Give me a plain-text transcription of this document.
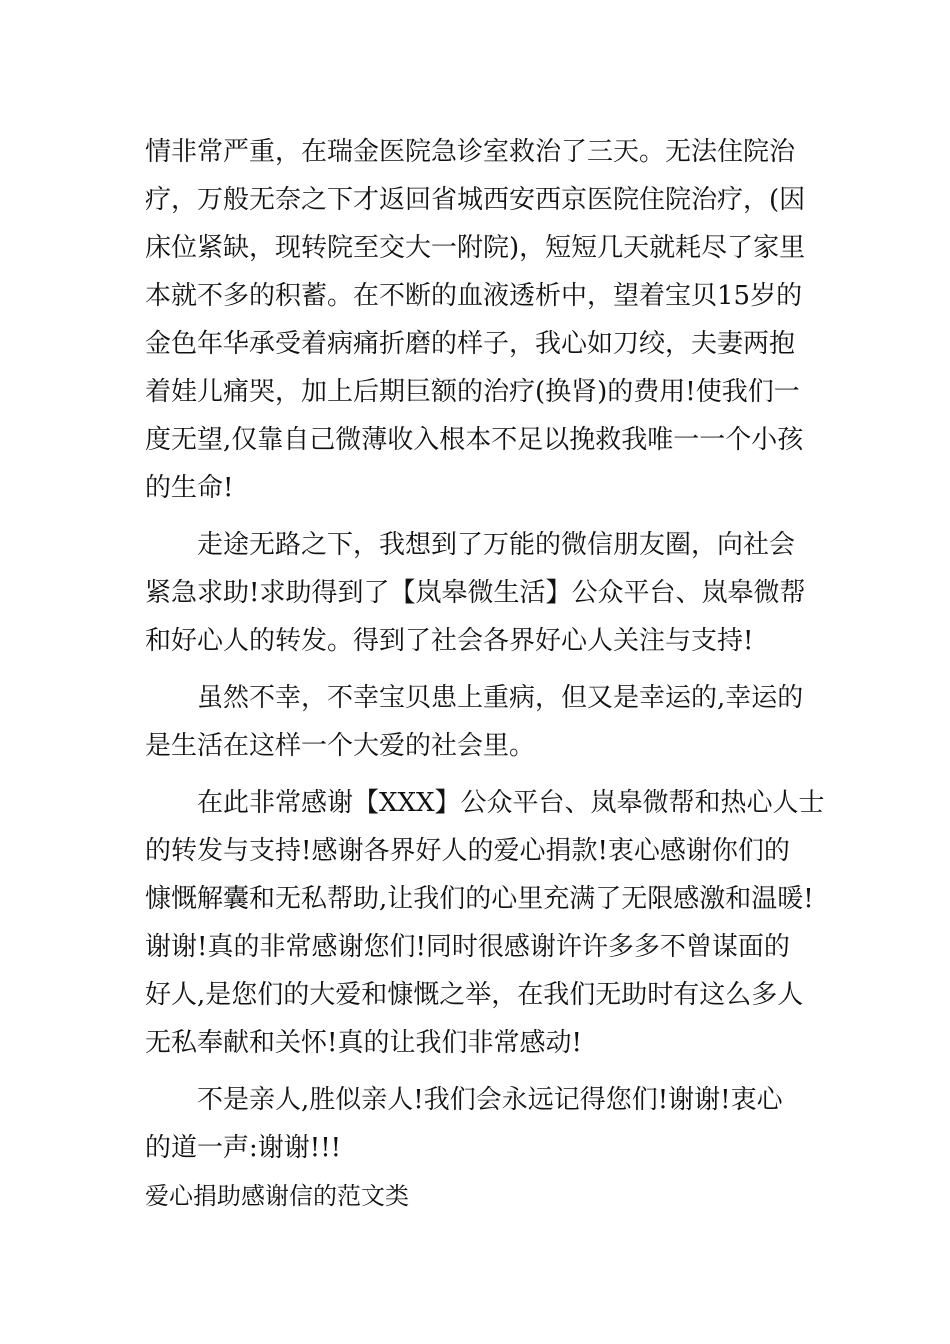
情非常严重，在瑞金医院急诊室救治了三天。无法住院治
疗，万般无奈之下才返回省城西安西京医院住院治疗，(因
床位紧缺，现转院至交大一附院)，短短几天就耗尽了家里
本就不多的积蓄。在不断的血液透析中，望着宝贝15岁的
金色年华承受着病痛折磨的样子，我心如刀绞，夫妻两抱
着娃儿痛哭，加上后期巨额的治疗(换肾)的费用!使我们一
度无望,仅靠自己微薄收入根本不足以挽救我唯一一个小孩
的生命!
走途无路之下，我想到了万能的微信朋友圈，向社会
紧急求助!求助得到了【岚皋微生活】公众平台、岚皋微帮
和好心人的转发。得到了社会各界好心人关注与支持!
虽然不幸，不幸宝贝患上重病，但又是幸运的,幸运的
是生活在这样一个大爱的社会里。
在此非常感谢【XXX】公众平台、岚皋微帮和热心人士
的转发与支持!感谢各界好人的爱心捐款!衷心感谢你们的
慷慨解囊和无私帮助,让我们的心里充满了无限感激和温暖!
谢谢!真的非常感谢您们!同时很感谢许许多多不曾谋面的
好人,是您们的大爱和慷慨之举，在我们无助时有这么多人
无私奉献和关怀!真的让我们非常感动!
不是亲人,胜似亲人!我们会永远记得您们!谢谢!衷心
的道一声:谢谢!!!
爱心捐助感谢信的范文类
